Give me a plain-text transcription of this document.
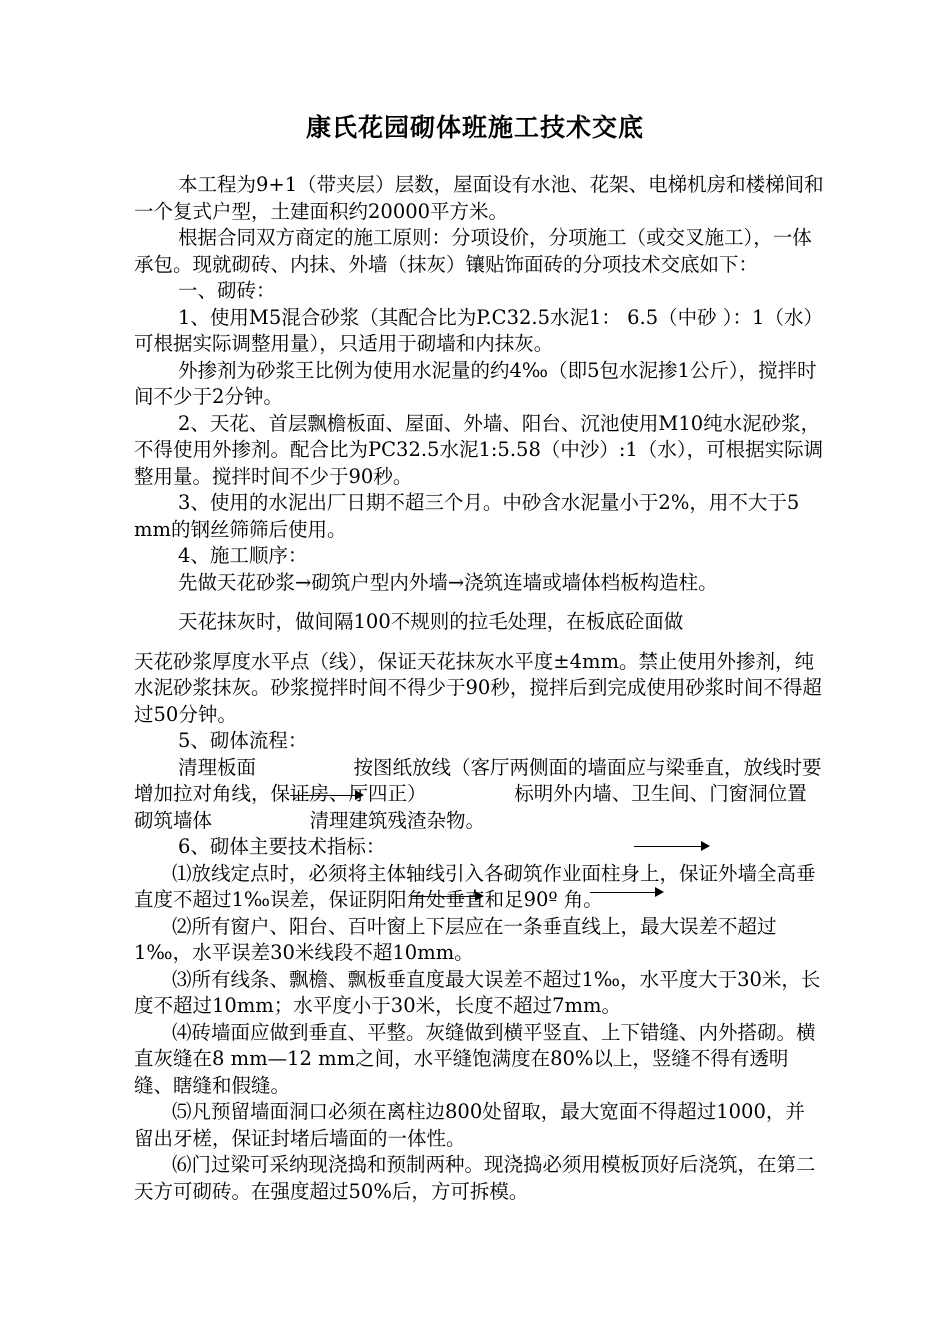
康氏花园砌体班施工技术交底

本工程为9+1（带夹层）层数，屋面设有水池、花架、电梯机房和楼梯间和一个复式户型，土建面积约20000平方米。

根据合同双方商定的施工原则：分项设价，分项施工（或交叉施工），一体承包。现就砌砖、内抹、外墙（抹灰）镶贴饰面砖的分项技术交底如下：

一、砌砖：

1、使用M5混合砂浆（其配合比为P.C32.5水泥1： 6.5（中砂 ）：1（水）可根据实际调整用量），只适用于砌墙和内抹灰。

外掺剂为砂浆王比例为使用水泥量的约4‰（即5包水泥掺1公斤），搅拌时间不少于2分钟。

2、天花、首层飘檐板面、屋面、外墙、阳台、沉池使用M10纯水泥砂浆，不得使用外掺剂。配合比为PC32.5水泥1:5.58（中沙）:1（水），可根据实际调整用量。搅拌时间不少于90秒。

3、使用的水泥出厂日期不超三个月。中砂含水泥量小于2%，用不大于5 mm的钢丝筛筛后使用。

4、施工顺序：

先做天花砂浆→砌筑户型内外墙→浇筑连墙或墙体档板构造柱。

天花抹灰时，做间隔100不规则的拉毛处理，在板底砼面做

天花砂浆厚度水平点（线），保证天花抹灰水平度±4mm。禁止使用外掺剂，纯水泥砂浆抹灰。砂浆搅拌时间不得少于90秒，搅拌后到完成使用砂浆时间不得超过50分钟。

5、砌体流程：

清理板面　　　　　按图纸放线（客厅两侧面的墙面应与梁垂直，放线时要增加拉对角线，保证房、厅四正）　　　　　标明外内墙、卫生间、门窗洞位置　　　　　砌筑墙体　　　　　清理建筑残渣杂物。

6、砌体主要技术指标：

⑴放线定点时，必须将主体轴线引入各砌筑作业面柱身上，保证外墙全高垂直度不超过1‰误差，保证阴阳角处垂直和足90º 角。

⑵所有窗户、阳台、百叶窗上下层应在一条垂直线上，最大误差不超过1‰，水平误差30米线段不超10mm。

⑶所有线条、飘檐、飘板垂直度最大误差不超过1‰，水平度大于30米，长度不超过10mm；水平度小于30米，长度不超过7mm。

⑷砖墙面应做到垂直、平整。灰缝做到横平竖直、上下错缝、内外搭砌。横直灰缝在8 mm—12 mm之间，水平缝饱满度在80%以上，竖缝不得有透明缝、瞎缝和假缝。

⑸凡预留墙面洞口必须在离柱边800处留取，最大宽面不得超过1000，并留出牙槎，保证封堵后墙面的一体性。

⑹门过梁可采纳现浇捣和预制两种。现浇捣必须用模板顶好后浇筑，在第二天方可砌砖。在强度超过50%后，方可拆模。
